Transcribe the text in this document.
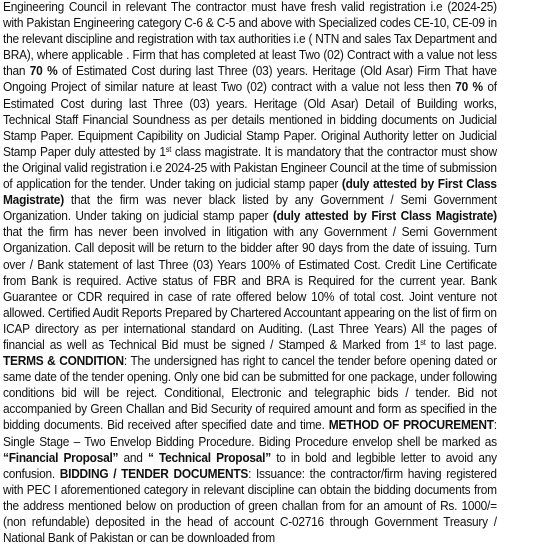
Engineering Council in relevant The contractor must have fresh valid registration i.e (2024-25) with Pakistan Engineering category C-6 & C-5 and above with Specialized codes CE-10, CE-09 in the relevant discipline and registration with tax authorities i.e ( NTN and sales Tax Department and BRA), where applicable . Firm that has completed at least Two (02) Contract with a value not less than 70 % of Estimated Cost during last Three (03) years. Heritage (Old Asar) Firm That have Ongoing Project of similar nature at least Two (02) contract with a value not less then 70 % of Estimated Cost during last Three (03) years. Heritage (Old Asar) Detail of Building works, Technical Staff Financial Soundness as per details mentioned in bidding documents on Judicial Stamp Paper. Equipment Capibility on Judicial Stamp Paper. Original Authority letter on Judicial Stamp Paper duly attested by 1st class magistrate. It is mandatory that the contractor must show the Original valid registration i.e 2024-25 with Pakistan Engineer Council at the time of submission of application for the tender. Under taking on judicial stamp paper (duly attested by First Class Magistrate) that the firm was never black listed by any Government / Semi Government Organization. Under taking on judicial stamp paper (duly attested by First Class Magistrate) that the firm has never been involved in litigation with any Government / Semi Government Organization. Call deposit will be return to the bidder after 90 days from the date of issuing. Turn over / Bank statement of last Three (03) Years 100% of Estimated Cost. Credit Line Certificate from Bank is required. Active status of FBR and BRA is Required for the current year. Bank Guarantee or CDR required in case of rate offered below 10% of total cost. Joint venture not allowed. Certified Audit Reports Prepared by Chartered Accountant appearing on the list of firm on ICAP directory as per international standard on Auditing. (Last Three Years) All the pages of financial as well as Technical Bid must be signed / Stamped & Marked from 1st to last page. TERMS & CONDITION: The undersigned has right to cancel the tender before opening dated or same date of the tender opening. Only one bid can be submitted for one package, under following conditions bid will be reject. Conditional, Electronic and telegraphic bids / tender. Bid not accompanied by Green Challan and Bid Security of required amount and form as specified in the bidding documents. Bid received after specified date and time. METHOD OF PROCUREMENT: Single Stage – Two Envelop Bidding Procedure. Biding Procedure envelop shell be marked as “Financial Proposal” and “ Technical Proposal” to in bold and legbible letter to avoid any confusion. BIDDING / TENDER DOCUMENTS: Issuance: the contractor/firm having registered with PEC I aforementioned category in relevant discipline can obtain the bidding documents from the address mentioned below on production of green challan from for an amount of Rs. 1000/= (non refundable) deposited in the head of account C-02716 through Government Treasury / National Bank of Pakistan or can be downloaded from
